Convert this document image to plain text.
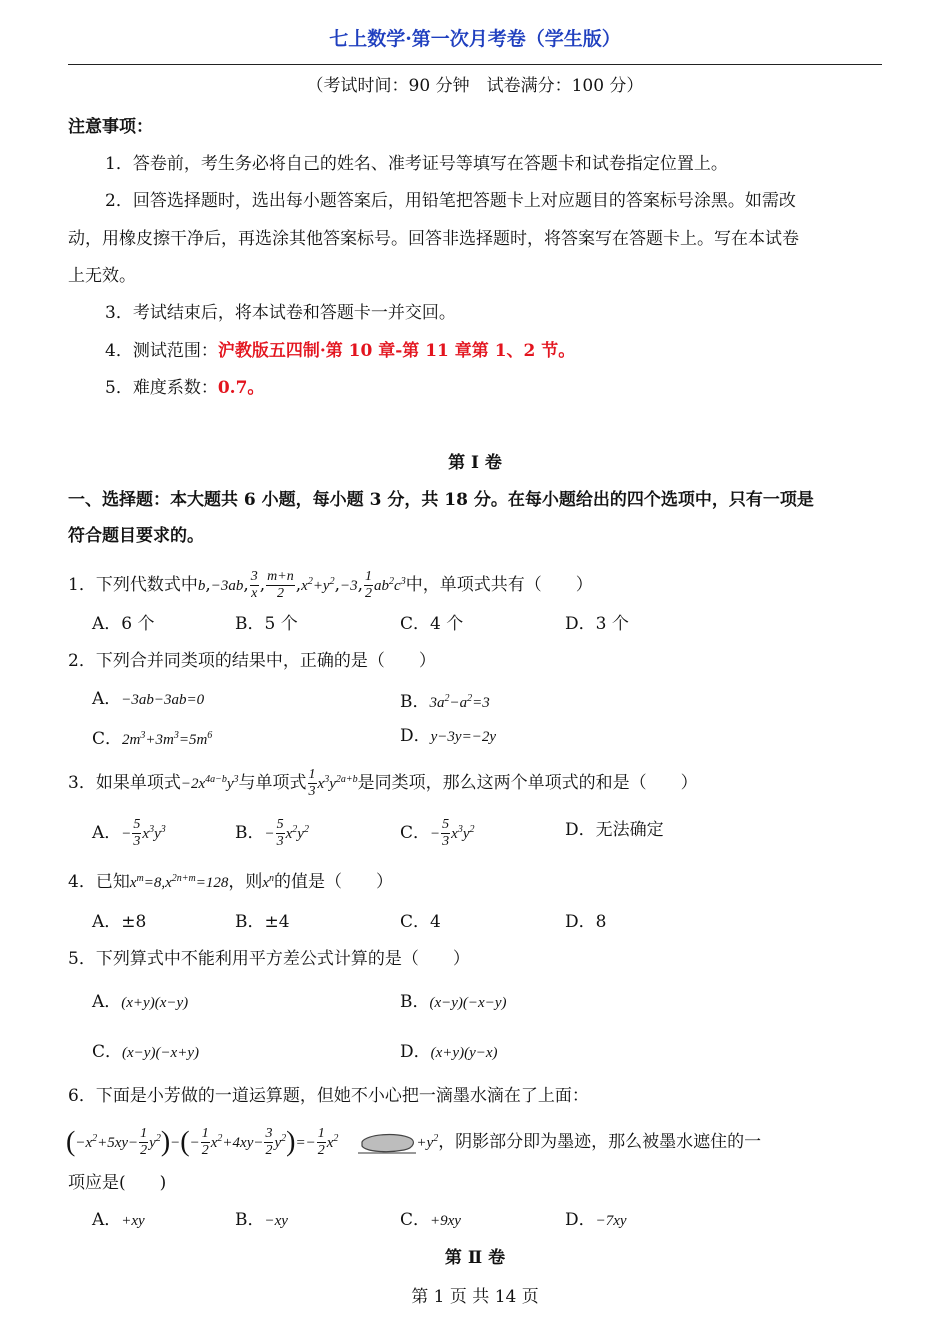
七上数学·第一次月考卷（学生版）
（考试时间：90 分钟　试卷满分：100 分）
注意事项：
1．答卷前，考生务必将自己的姓名、准考证号等填写在答题卡和试卷指定位置上。
2．回答选择题时，选出每小题答案后，用铅笔把答题卡上对应题目的答案标号涂黑。如需改
动，用橡皮擦干净后，再选涂其他答案标号。回答非选择题时，将答案写在答题卡上。写在本试卷
上无效。
3．考试结束后，将本试卷和答题卡一并交回。
4．测试范围：沪教版五四制·第 10 章-第 11 章第 1、2 节。
5．难度系数：0.7。
第 Ⅰ 卷
一、选择题：本大题共 6 小题，每小题 3 分，共 18 分。在每小题给出的四个选项中，只有一项是
符合题目要求的。
1．下列代数式中b,−3ab, $\frac{3}{x}$ , $\frac{m+n}{2} ,x^2+y^2,-3$, $\frac{1}{2} ab^2c^3$中，单项式共有（　　）
A．6 个	B．5 个	C．4 个	D．3 个
2．下列合并同类项的结果中，正确的是（　　）
A．−3ab−3ab=0	B．$3a^2-a^2=3$
C．$2m^3+3m^3=5m^6$	D．y−3y=−2y
3．如果单项式$-2x^{4a-b}y^3$与单项式 $\frac{1}{3} x^3y^{2a+b}$是同类项，那么这两个单项式的和是（　　）
A．− $\frac{5}{3} x^3y^3$	B．− $\frac{5}{3} x^2y^2$	C．− $\frac{5}{3} x^3y^2$	D．无法确定
4．已知$x^m=8,x^{2n+m}=128$，则$x^n$的值是（　　）
A．±8	B．±4	C．4	D．8
5．下列算式中不能利用平方差公式计算的是（　　）
A．(x+y)(x−y)	B．(x−y)(−x−y)
C．(x−y)(−x+y)	D．(x+y)(y−x)
6．下面是小芳做的一道运算题，但她不小心把一滴墨水滴在了上面：
$(-x^2+5xy- \frac{1}{2} y^2)-(- \frac{1}{2} x^2+4xy- \frac{3}{2} y^2)=- \frac{1}{2} x^2$	$+y^2$，阴影部分即为墨迹，那么被墨水遮住的一
项应是(　　)
A．+xy	B．−xy	C．+9xy	D．−7xy
第 Ⅱ 卷
第 1 页 共 14 页
